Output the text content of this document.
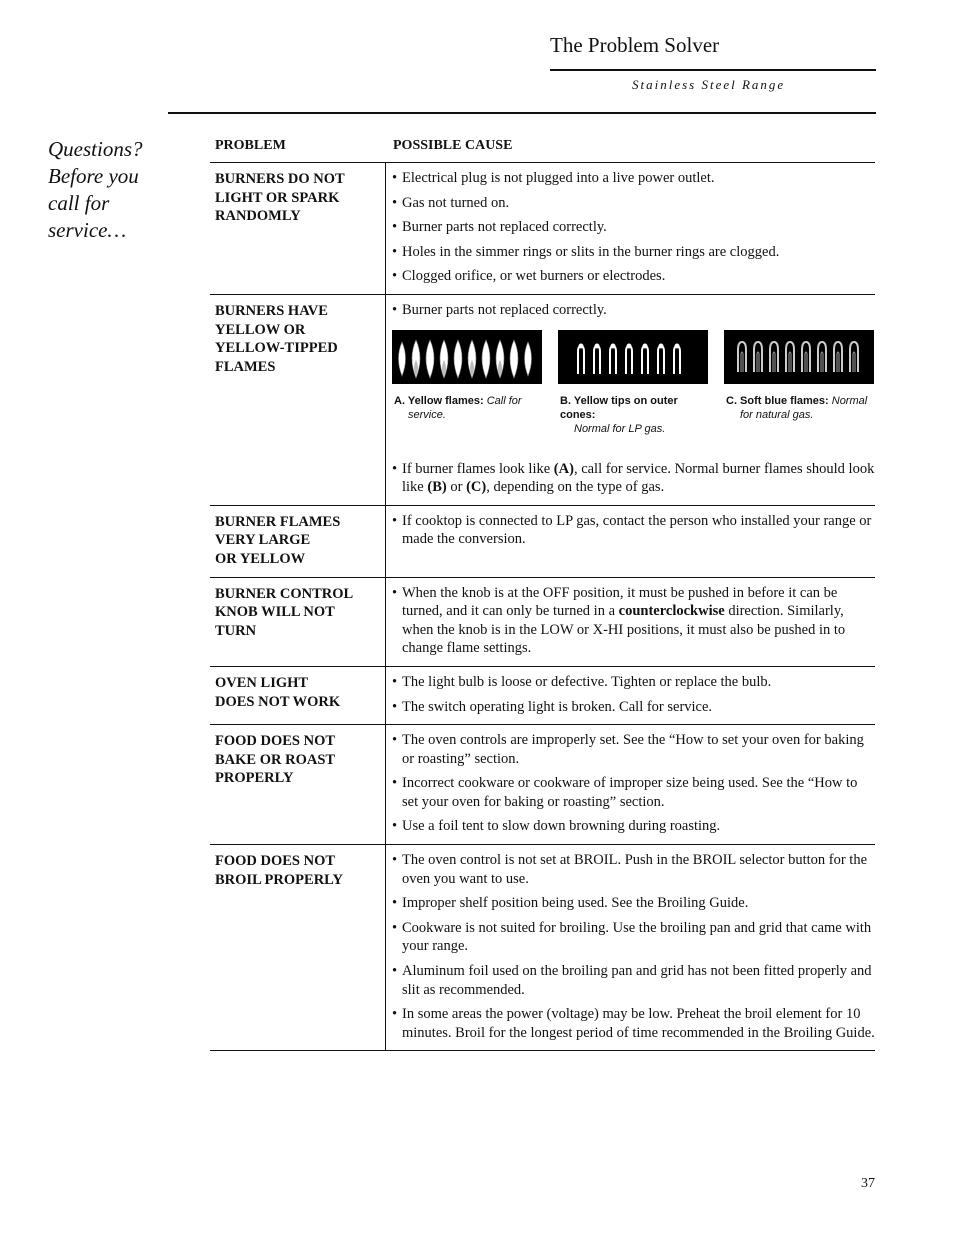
The Problem Solver
Stainless Steel Range
Questions?
Before you
call for
service…
PROBLEM	POSSIBLE CAUSE
BURNERS DO NOT
LIGHT OR SPARK
RANDOMLY
• Electrical plug is not plugged into a live power outlet.
• Gas not turned on.
• Burner parts not replaced correctly.
• Holes in the simmer rings or slits in the burner rings are clogged.
• Clogged orifice, or wet burners or electrodes.
BURNERS HAVE
YELLOW OR
YELLOW-TIPPED
FLAMES
• Burner parts not replaced correctly.
A. Yellow flames: Call for
service.
B. Yellow tips on outer cones:
Normal for LP gas.
C. Soft blue flames: Normal
for natural gas.
• If burner flames look like (A), call for service. Normal burner flames should look like (B) or (C), depending on the type of gas.
BURNER FLAMES
VERY LARGE
OR YELLOW
• If cooktop is connected to LP gas, contact the person who installed your range or made the conversion.
BURNER CONTROL
KNOB WILL NOT
TURN
• When the knob is at the OFF position, it must be pushed in before it can be turned, and it can only be turned in a counterclockwise direction. Similarly, when the knob is in the LOW or X-HI positions, it must also be pushed in to change flame settings.
OVEN LIGHT
DOES NOT WORK
• The light bulb is loose or defective. Tighten or replace the bulb.
• The switch operating light is broken. Call for service.
FOOD DOES NOT
BAKE OR ROAST
PROPERLY
• The oven controls are improperly set. See the “How to set your oven for baking or roasting” section.
• Incorrect cookware or cookware of improper size being used. See the “How to set your oven for baking or roasting” section.
• Use a foil tent to slow down browning during roasting.
FOOD DOES NOT
BROIL PROPERLY
• The oven control is not set at BROIL. Push in the BROIL selector button for the oven you want to use.
• Improper shelf position being used. See the Broiling Guide.
• Cookware is not suited for broiling. Use the broiling pan and grid that came with your range.
• Aluminum foil used on the broiling pan and grid has not been fitted properly and slit as recommended.
• In some areas the power (voltage) may be low. Preheat the broil element for 10 minutes. Broil for the longest period of time recommended in the Broiling Guide.
37
